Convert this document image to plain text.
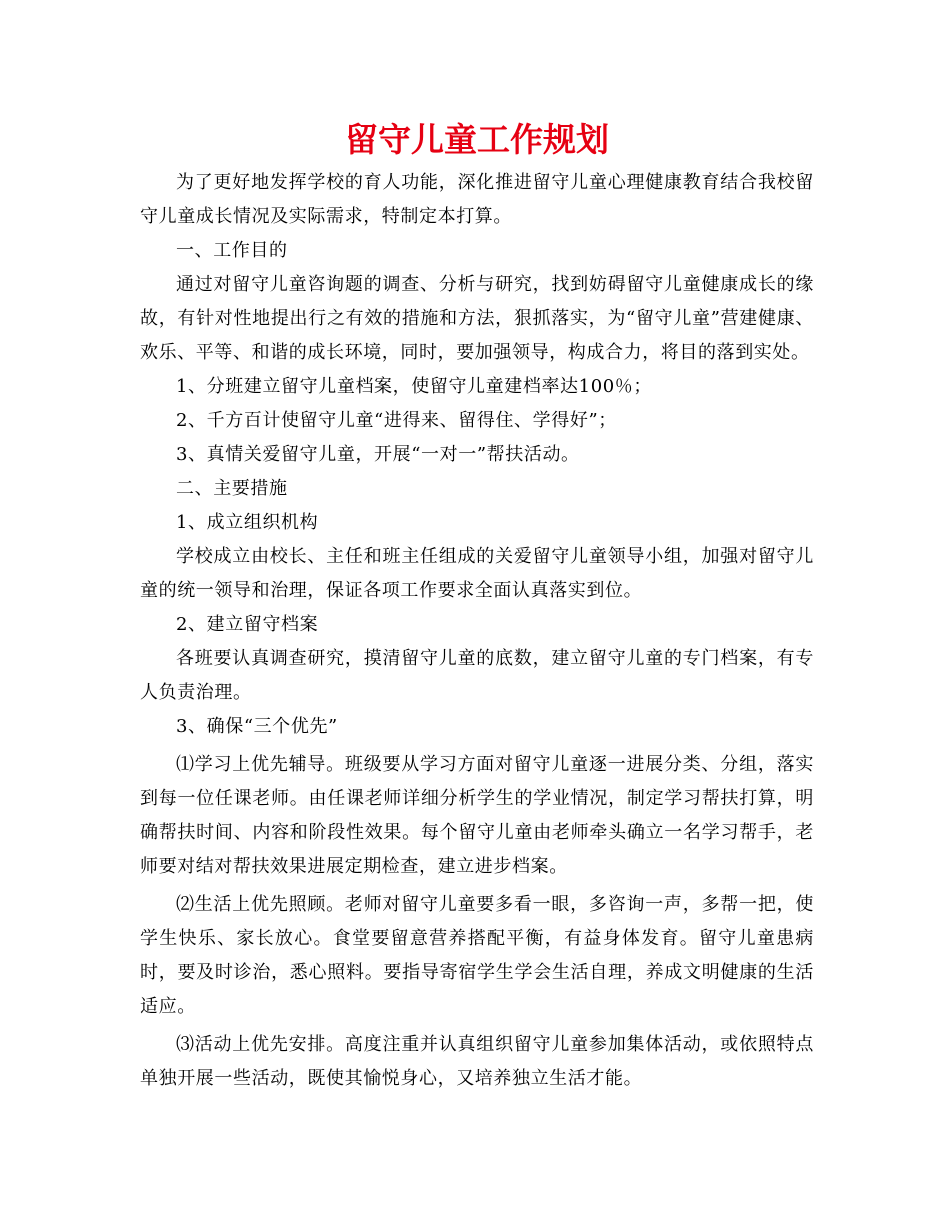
留守儿童工作规划

为了更好地发挥学校的育人功能，深化推进留守儿童心理健康教育结合我校留守儿童成长情况及实际需求，特制定本打算。

一、工作目的

通过对留守儿童咨询题的调查、分析与研究，找到妨碍留守儿童健康成长的缘故，有针对性地提出行之有效的措施和方法，狠抓落实，为“留守儿童”营建健康、欢乐、平等、和谐的成长环境，同时，要加强领导，构成合力，将目的落到实处。

1、分班建立留守儿童档案，使留守儿童建档率达100％；

2、千方百计使留守儿童“进得来、留得住、学得好”；

3、真情关爱留守儿童，开展“一对一”帮扶活动。

二、主要措施

1、成立组织机构

学校成立由校长、主任和班主任组成的关爱留守儿童领导小组，加强对留守儿童的统一领导和治理，保证各项工作要求全面认真落实到位。

2、建立留守档案

各班要认真调查研究，摸清留守儿童的底数，建立留守儿童的专门档案，有专人负责治理。

3、确保“三个优先”

⑴学习上优先辅导。班级要从学习方面对留守儿童逐一进展分类、分组，落实到每一位任课老师。由任课老师详细分析学生的学业情况，制定学习帮扶打算，明确帮扶时间、内容和阶段性效果。每个留守儿童由老师牵头确立一名学习帮手，老师要对结对帮扶效果进展定期检查，建立进步档案。

⑵生活上优先照顾。老师对留守儿童要多看一眼，多咨询一声，多帮一把，使学生快乐、家长放心。食堂要留意营养搭配平衡，有益身体发育。留守儿童患病时，要及时诊治，悉心照料。要指导寄宿学生学会生活自理，养成文明健康的生活适应。

⑶活动上优先安排。高度注重并认真组织留守儿童参加集体活动，或依照特点单独开展一些活动，既使其愉悦身心，又培养独立生活才能。
